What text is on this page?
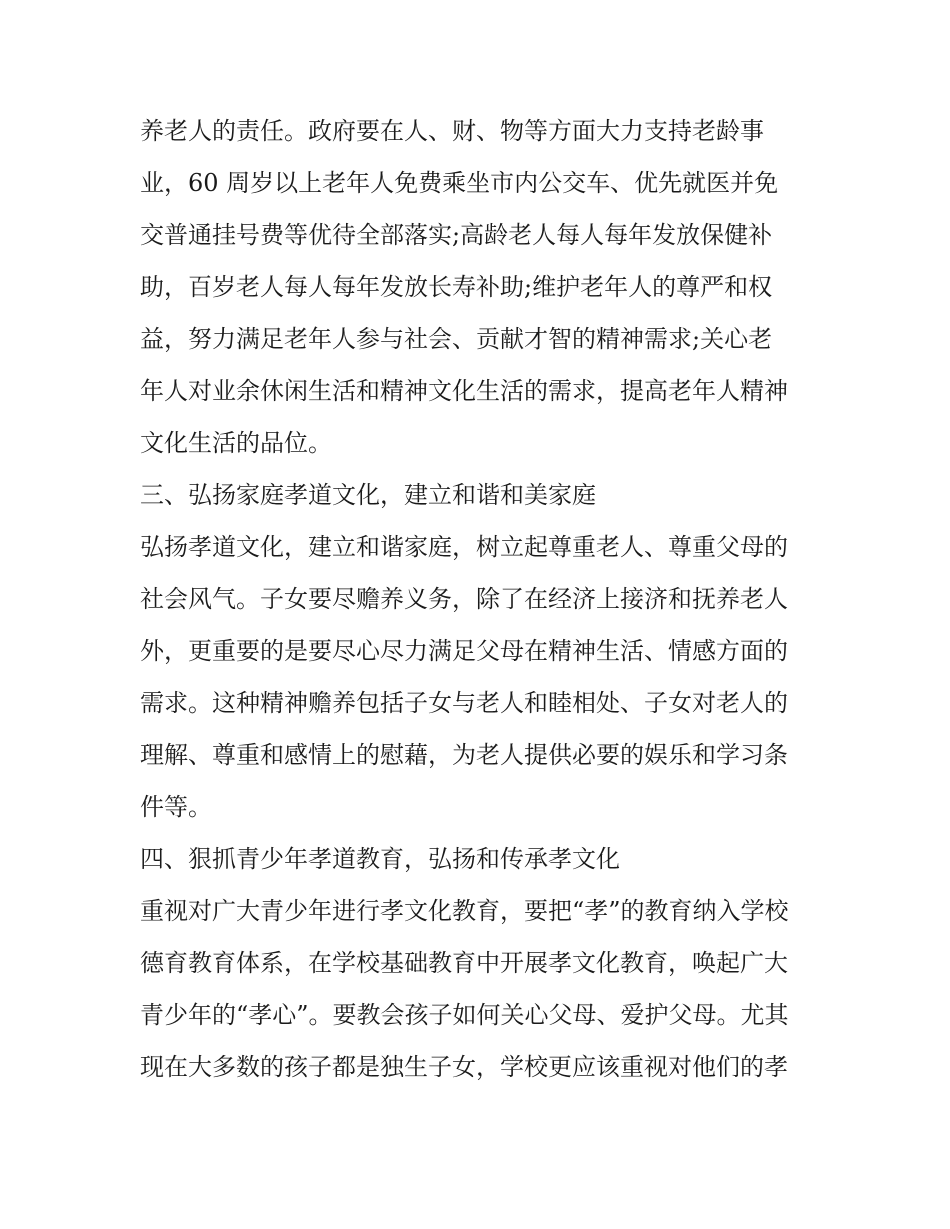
养老人的责任。政府要在人、财、物等方面大力支持老龄事
业，60 周岁以上老年人免费乘坐市内公交车、优先就医并免
交普通挂号费等优待全部落实;高龄老人每人每年发放保健补
助，百岁老人每人每年发放长寿补助;维护老年人的尊严和权
益，努力满足老年人参与社会、贡献才智的精神需求;关心老
年人对业余休闲生活和精神文化生活的需求，提高老年人精神
文化生活的品位。
三、弘扬家庭孝道文化，建立和谐和美家庭
弘扬孝道文化，建立和谐家庭，树立起尊重老人、尊重父母的
社会风气。子女要尽赡养义务，除了在经济上接济和抚养老人
外，更重要的是要尽心尽力满足父母在精神生活、情感方面的
需求。这种精神赡养包括子女与老人和睦相处、子女对老人的
理解、尊重和感情上的慰藉，为老人提供必要的娱乐和学习条
件等。
四、狠抓青少年孝道教育，弘扬和传承孝文化
重视对广大青少年进行孝文化教育，要把“孝”的教育纳入学校
德育教育体系，在学校基础教育中开展孝文化教育，唤起广大
青少年的“孝心”。要教会孩子如何关心父母、爱护父母。尤其
现在大多数的孩子都是独生子女，学校更应该重视对他们的孝
